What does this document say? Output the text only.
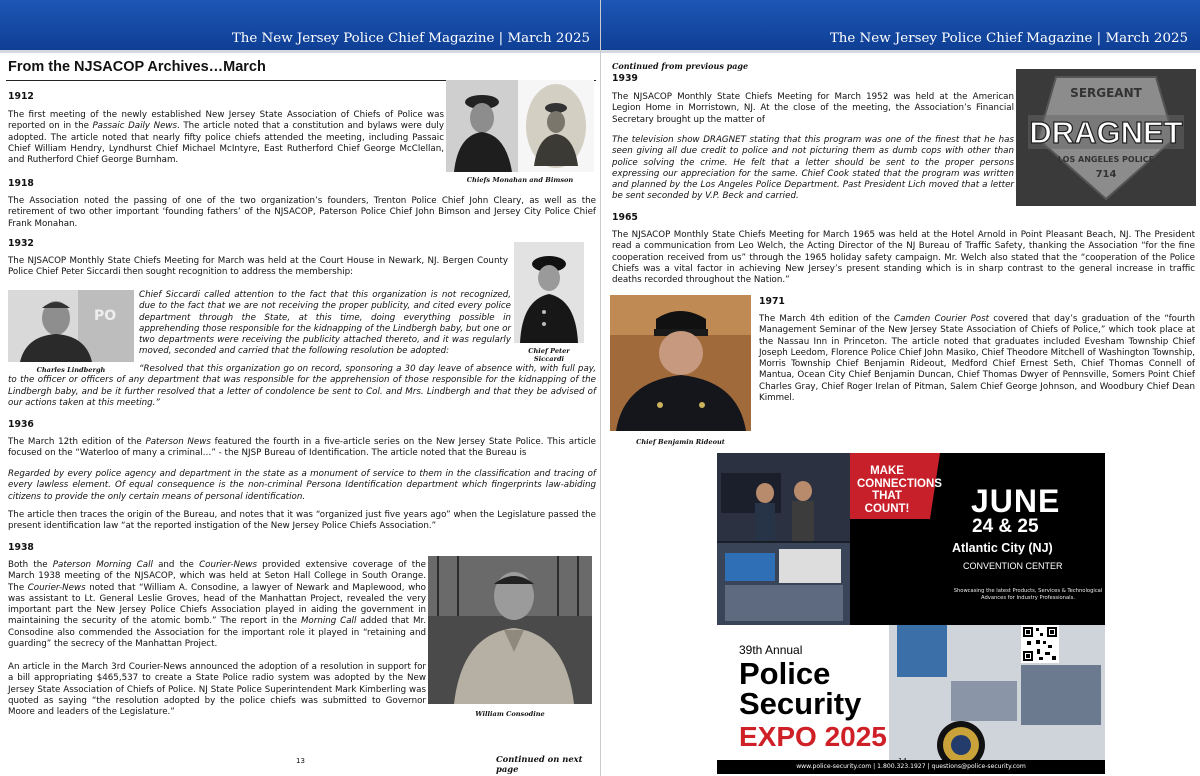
The New Jersey Police Chief Magazine | March 2025
From the NJSACOP Archives…March
1912
The first meeting of the newly established New Jersey State Association of Chiefs of Police was reported on in the Passaic Daily News. The article noted that a constitution and bylaws were duly adopted. The article noted that nearly fifty police chiefs attended the meeting, including Passaic Chief William Hendry, Lyndhurst Chief Michael McIntyre, East Rutherford Chief George McClellan, and Rutherford Chief George Burnham.
Chiefs Monahan and Bimson
1918
The Association noted the passing of one of the two organization’s founders, Trenton Police Chief John Cleary, as well as the retirement of two other important ‘founding fathers’ of the NJSACOP, Paterson Police Chief John Bimson and Jersey City Police Chief Frank Monahan.
1932
The NJSACOP Monthly State Chiefs Meeting for March was held at the Court House in Newark, NJ. Bergen County Police Chief Peter Siccardi then sought recognition to address the membership:
Chief Peter Siccardi
PO
Charles Lindbergh
Chief Siccardi called attention to the fact that this organization is not recognized, due to the fact that we are not receiving the proper publicity, and cited every police department through the State, at this time, doing everything possible in apprehending those responsible for the kidnapping of the Lindbergh baby, but one or two departments were receiving the publicity attached thereto, and it was regularly moved, seconded and carried that the following resolution be adopted:
“Resolved that this organization go on record, sponsoring a 30 day leave of absence with, with full pay, to the officer or officers of any department that was responsible for the apprehension of those responsible for the kidnapping of the Lindbergh baby, and be it further resolved that a letter of condolence be sent to Col. and Mrs. Lindbergh and that they be advised of our actions taken at this meeting.”
1936
The March 12th edition of the Paterson News featured the fourth in a five-article series on the New Jersey State Police. This article focused on the “Waterloo of many a criminal…” - the NJSP Bureau of Identification. The article noted that the Bureau is
Regarded by every police agency and department in the state as a monument of service to them in the classification and tracing of every lawless element. Of equal consequence is the non-criminal Persona Identification department which fingerprints law-abiding citizens to provide the only certain means of personal identification.
The article then traces the origin of the Bureau, and notes that it was “organized just five years ago” when the Legislature passed the present identification law “at the reported instigation of the New Jersey Police Chiefs Association.”
1938
Both the Paterson Morning Call and the Courier-News provided extensive coverage of the March 1938 meeting of the NJSACOP, which was held at Seton Hall College in South Orange. The Courier-News noted that “William A. Consodine, a lawyer of Newark and Maplewood, who was assistant to Lt. General Leslie Groves, head of the Manhattan Project, revealed the very important part the New Jersey Police Chiefs Association played in aiding the government in maintaining the security of the atomic bomb.” The report in the Morning Call added that Mr. Consodine also commended the Association for the important role it played in “retaining and guarding” the secrecy of the Manhattan Project.
An article in the March 3rd Courier-News announced the adoption of a resolution in support for a bill appropriating $465,537 to create a State Police radio system was adopted by the New Jersey State Association of Chiefs of Police. NJ State Police Superintendent Mark Kimberling was quoted as saying “the resolution adopted by the police chiefs was submitted to Governor Moore and leaders of the Legislature.”	William Consodine
13	Continued on next page
The New Jersey Police Chief Magazine | March 2025
Continued from previous page
1939
The NJSACOP Monthly State Chiefs Meeting for March 1952 was held at the American Legion Home in Morristown, NJ. At the close of the meeting, the Association’s Financial Secretary brought up the matter of
The television show DRAGNET stating that this program was one of the finest that he has seen giving all due credit to police and not picturing them as dumb cops with other than police solving the crime. He felt that a letter should be sent to the proper persons expressing our appreciation for the same. Chief Cook stated that the program was written and planned by the Los Angeles Police Department. Past President Lich moved that a letter be sent seconded by V.P. Beck and carried.
SERGEANT
DRAGNET
LOS ANGELES POLICE
714
1965
The NJSACOP Monthly State Chiefs Meeting for March 1965 was held at the Hotel Arnold in Point Pleasant Beach, NJ. The President read a communication from Leo Welch, the Acting Director of the NJ Bureau of Traffic Safety, thanking the Association “for the fine cooperation received from us” through the 1965 holiday safety campaign. Mr. Welch also stated that the “cooperation of the Police Chiefs was a vital factor in achieving New Jersey’s present standing which is in sharp contrast to the general increase in traffic deaths recorded throughout the Nation.”
Chief Benjamin Rideout
1971
The March 4th edition of the Camden Courier Post covered that day’s graduation of the “fourth Management Seminar of the New Jersey State Association of Chiefs of Police,” which took place at the Nassau Inn in Princeton. The article noted that graduates included Evesham Township Chief Joseph Leedom, Florence Police Chief John Masiko, Chief Theodore Mitchell of Washington Township, Morris Township Chief Benjamin Rideout, Medford Chief Ernest Seth, Chief Thomas Connell of Mantua, Ocean City Chief Benjamin Duncan, Chief Thomas Dwyer of Pennsville, Somers Point Chief Charles Gray, Chief Roger Irelan of Pitman, Salem Chief George Johnson, and Woodbury Chief Dean Kimmel.
MAKE CONNECTIONS THAT COUNT! JUNE
24 & 25
Atlantic City (NJ)
CONVENTION CENTER
Showcasing the latest Products, Services & Technological Advances for Industry Professionals.
39th Annual
Police
Security
EXPO 2025
www.police-security.com | 1.800.323.1927 | questions@police-security.com
14
